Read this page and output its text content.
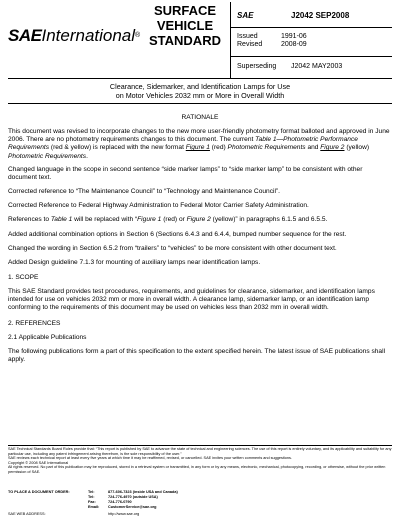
SURFACE
VEHICLE
STANDARD
SAEInternational®
SAE	J2042 SEP2008
Issued	1991-06
Revised	2008-09
Superseding J2042 MAY2003
Clearance, Sidemarker, and Identification Lamps for Use
on Motor Vehicles 2032 mm or More in Overall Width

RATIONALE

This document was revised to incorporate changes to the new more user-friendly photometry format balloted and approved in June 2006. There are no photometry requirements changes to this document. The current Table 1—Photometric Performance Requirements (red & yellow) is replaced with the new format Figure 1 (red) Photometric Requirements and Figure 2 (yellow) Photometric Requirements.

Changed language in the scope in second sentence “side marker lamps” to “side marker lamp” to be consistent with other document text.

Corrected reference to “The Maintenance Council” to “Technology and Maintenance Council”.

Corrected Reference to Federal Highway Administration to Federal Motor Carrier Safety Administration.

References to Table 1 will be replaced with “Figure 1 (red) or Figure 2 (yellow)” in paragraphs 6.1.5 and 6.5.5.

Added additional combination options in Section 6 (Sections 6.4.3 and 6.4.4, bumped number sequence for the rest.

Changed the wording in Section 6.5.2 from “trailers” to “vehicles” to be more consistent with other document text.

Added Design guideline 7.1.3 for mounting of auxiliary lamps near identification lamps.

1. SCOPE

This SAE Standard provides test procedures, requirements, and guidelines for clearance, sidemarker, and identification lamps intended for use on vehicles 2032 mm or more in overall width. A clearance lamp, sidemarker lamp, or an identification lamp conforming to the requirements of this document may be used on vehicles less than 2032 mm in overall width.

2. REFERENCES

2.1 Applicable Publications

The following publications form a part of this specification to the extent specified herein. The latest issue of SAE publications shall apply.

SAE Technical Standards Board Rules provide that: “This report is published by SAE to advance the state of technical and engineering sciences. The use of this report is entirely voluntary, and its applicability and suitability for any particular use, including any patent infringement arising therefrom, is the sole responsibility of the user.”

SAE reviews each technical report at least every five years at which time it may be reaffirmed, revised, or cancelled. SAE invites your written comments and suggestions.

Copyright © 2008 SAE International

All rights reserved. No part of this publication may be reproduced, stored in a retrieval system or transmitted, in any form or by any means, electronic, mechanical, photocopying, recording, or otherwise, without the prior written permission of SAE.

TO PLACE A DOCUMENT ORDER:	Tel:	877-606-7323 (inside USA and Canada)
Tel:	724-776-4970 (outside USA)
Fax:	724-776-0790
Email: CustomerService@sae.org
SAE WEB ADDRESS:	http://www.sae.org
